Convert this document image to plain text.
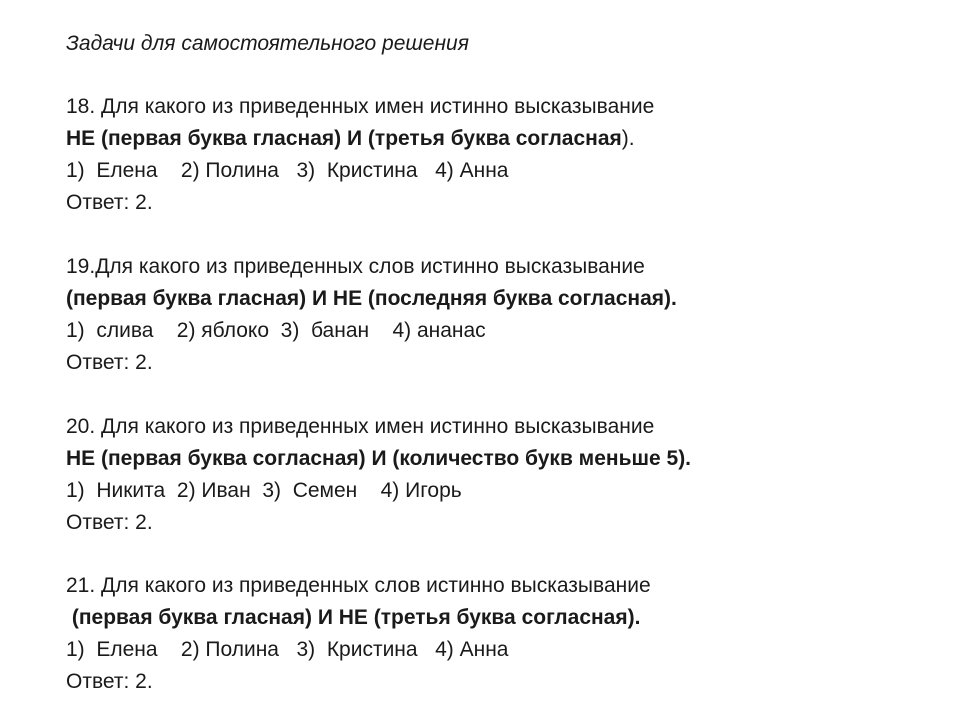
Задачи для самостоятельного решения
18. Для какого из приведенных имен истинно высказывание
НЕ (первая буква гласная) И (третья буква согласная).
1)  Елена    2) Полина   3)  Кристина   4) Анна
Ответ: 2.
19.Для какого из приведенных слов истинно высказывание
(первая буква гласная) И НЕ (последняя буква согласная).
1)  слива    2) яблоко  3)  банан    4) ананас
Ответ: 2.
20. Для какого из приведенных имен истинно высказывание
НЕ (первая буква согласная) И (количество букв меньше 5).
1)  Никита  2) Иван  3)  Семен    4) Игорь
Ответ: 2.
21. Для какого из приведенных слов истинно высказывание
(первая буква гласная) И НЕ (третья буква согласная).
1)  Елена    2) Полина   3)  Кристина   4) Анна
Ответ: 2.
